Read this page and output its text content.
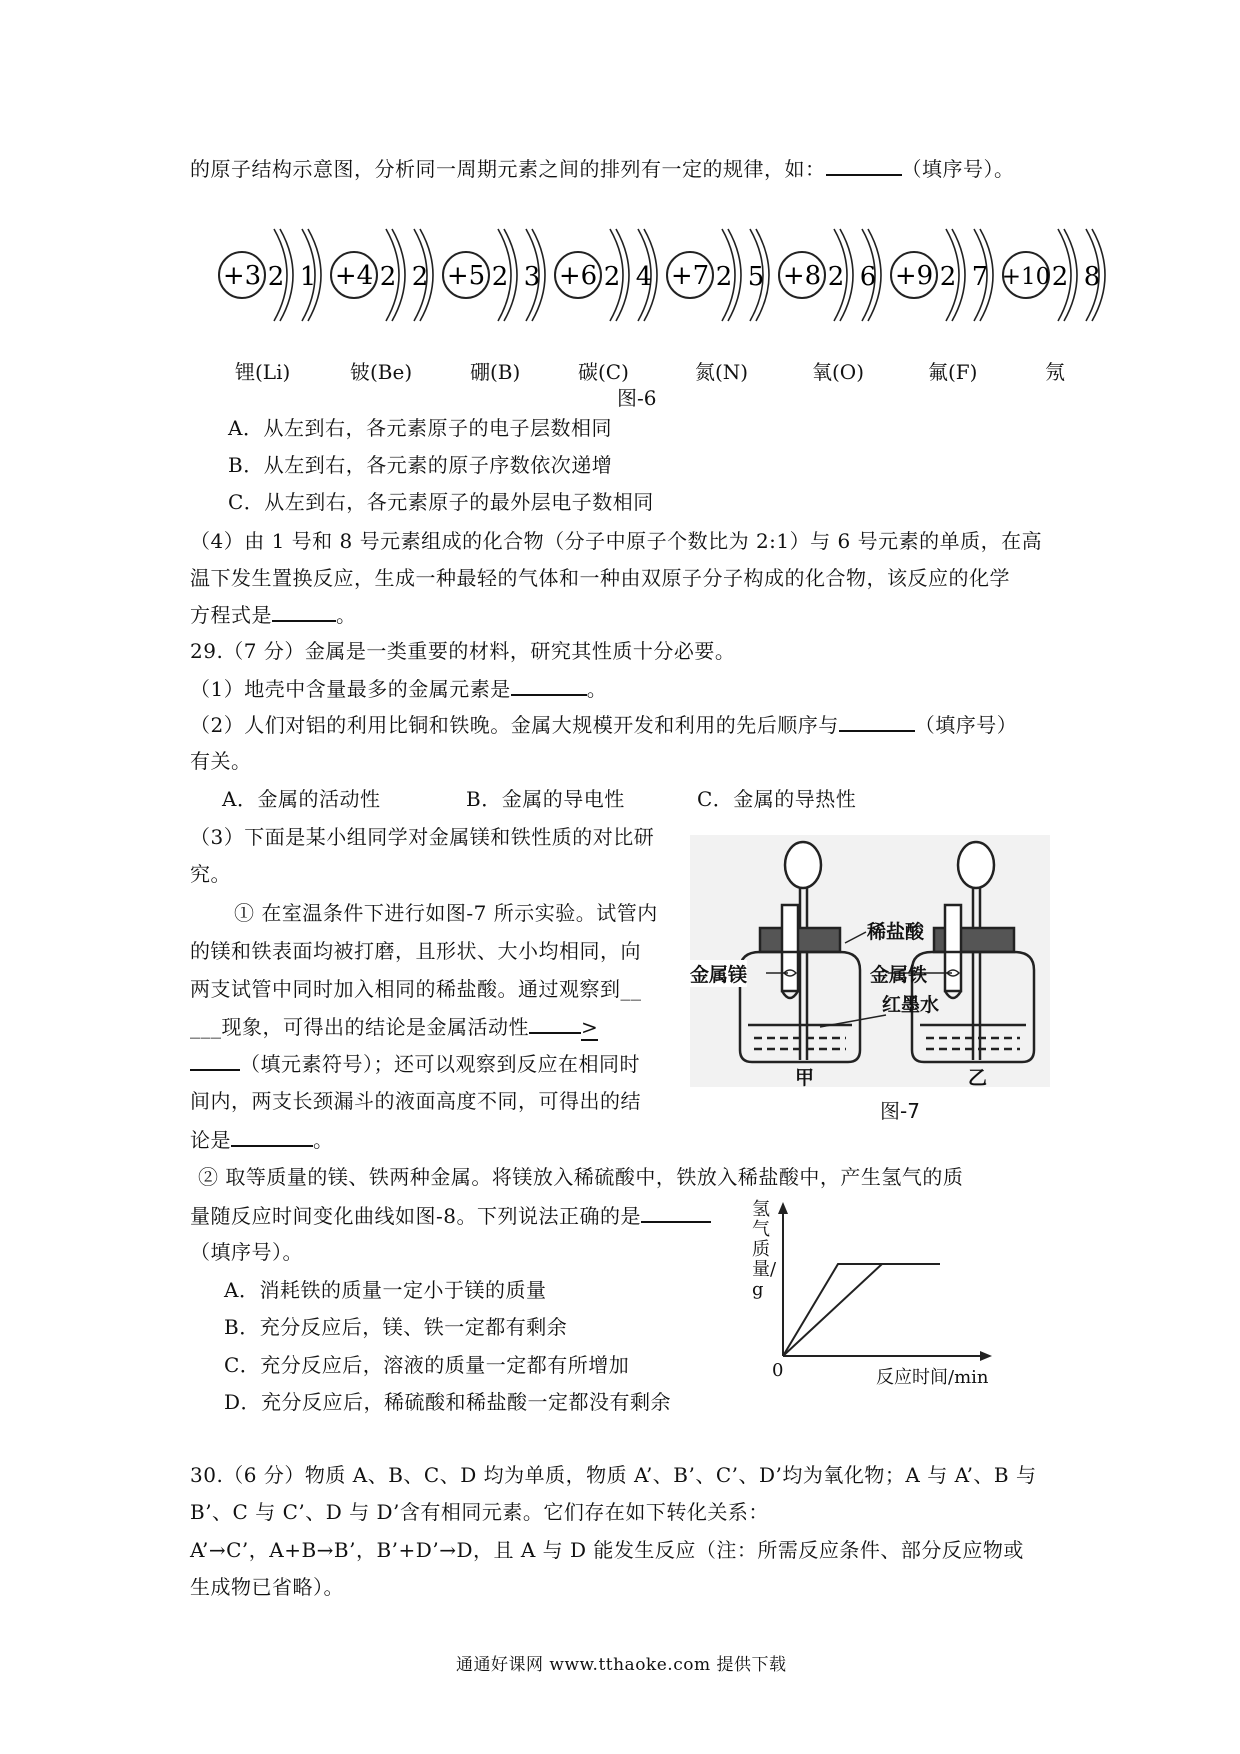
的原子结构示意图，分析同一周期元素之间的排列有一定的规律，如：	（填序号）。
+3 2 1 +4 2 2 +5 2 3 +6 2 4 +7 2 5 +8 2 6 +9 2 7 +10 2 8
锂(Li)	铍(Be)	硼(B)	碳(C)	氮(N)	氧(O)	氟(F)	氖
图-6
A．从左到右，各元素原子的电子层数相同
B．从左到右，各元素的原子序数依次递增
C．从左到右，各元素原子的最外层电子数相同
（4）由 1 号和 8 号元素组成的化合物（分子中原子个数比为 2:1）与 6 号元素的单质，在高
温下发生置换反应，生成一种最轻的气体和一种由双原子分子构成的化合物，该反应的化学
方程式是	。
29.（7 分）金属是一类重要的材料，研究其性质十分必要。
（1）地壳中含量最多的金属元素是	。
（2）人们对铝的利用比铜和铁晚。金属大规模开发和利用的先后顺序与	（填序号）
有关。
A．金属的活动性	B．金属的导电性	C．金属的导热性
（3）下面是某小组同学对金属镁和铁性质的对比研
究。
① 在室温条件下进行如图-7 所示实验。试管内
的镁和铁表面均被打磨，且形状、大小均相同，向
两支试管中同时加入相同的稀盐酸。通过观察到__
___现象，可得出的结论是金属活动性	>
（填元素符号）；还可以观察到反应在相同时
间内，两支长颈漏斗的液面高度不同，可得出的结
论是	。
稀盐酸
金属镁	金属铁
红墨水
甲	乙
图-7
② 取等质量的镁、铁两种金属。将镁放入稀硫酸中，铁放入稀盐酸中，产生氢气的质
量随反应时间变化曲线如图-8。下列说法正确的是
（填序号）。
A．消耗铁的质量一定小于镁的质量
B．充分反应后，镁、铁一定都有剩余
C．充分反应后，溶液的质量一定都有所增加
D．充分反应后，稀硫酸和稀盐酸一定都没有剩余
氢气质量/g
0	反应时间/min
30.（6 分）物质 A、B、C、D 均为单质，物质 A’、B’、C’、D’均为氧化物；A 与 A’、B 与
B’、C 与 C’、D 与 D’含有相同元素。它们存在如下转化关系：
A’→C’，A+B→B’，B’+D’→D，且 A 与 D 能发生反应（注：所需反应条件、部分反应物或
生成物已省略）。
通通好课网 www.tthaoke.com 提供下载
